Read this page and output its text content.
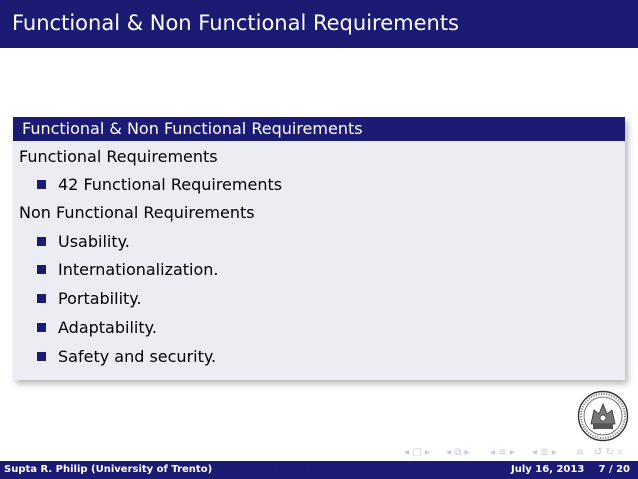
Functional & Non Functional Requirements
Functional & Non Functional Requirements
Functional Requirements
42 Functional Requirements
Non Functional Requirements
Usability.
Internationalization.
Portability.
Adaptability.
Safety and security.
◂ □ ▸ ◂ ⧉ ▸ ◂ ≡ ▸ ◂ ≣ ▸ ≡ ↺ ↻ ⌕
Supta R. Philip (University of Trento)	Masters Dissertation	July 16, 2013 7 / 20
